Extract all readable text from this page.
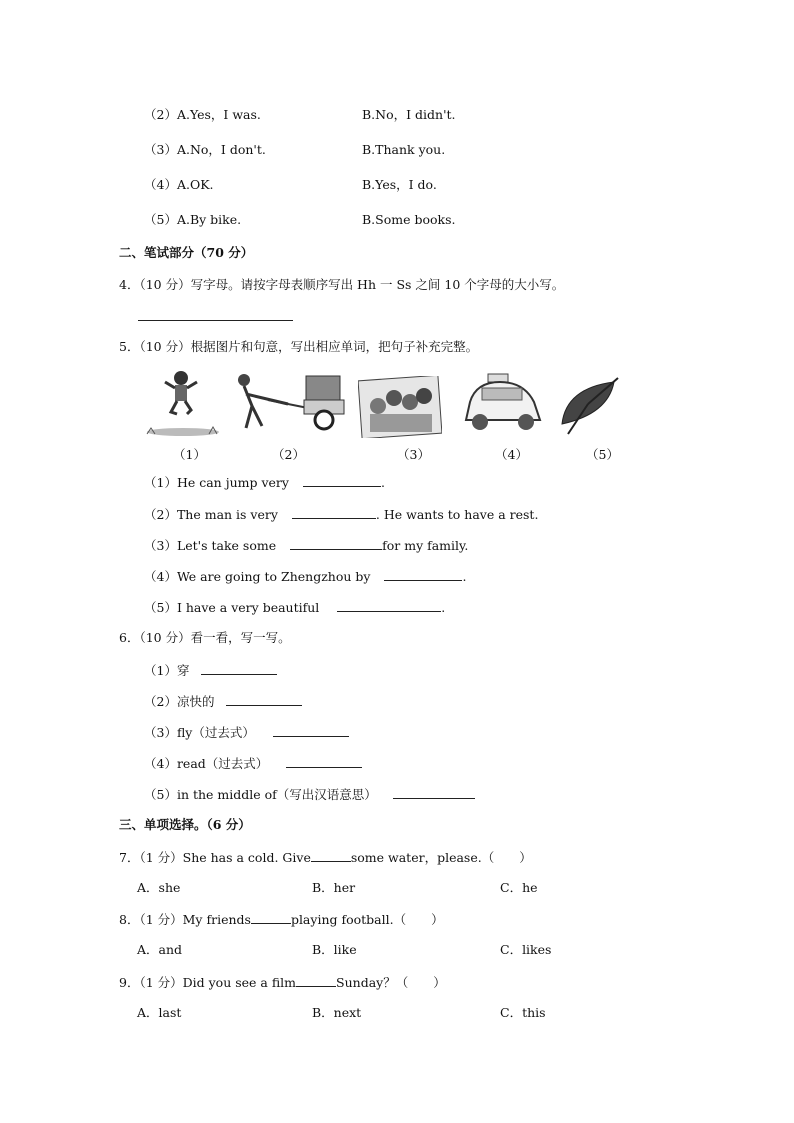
（2）A.Yes，I was.	B.No，I didn't.
（3）A.No，I don't.	B.Thank you.
（4）A.OK.	B.Yes，I do.
（5）A.By bike.	B.Some books.
二、笔试部分（70 分）
4．（10 分）写字母。请按字母表顺序写出 Hh 一 Ss 之间 10 个字母的大小写。
5．（10 分）根据图片和句意，写出相应单词，把句子补充完整。
（1）	（2）	（3）	（4）	（5）
（1）He can jump very	.
（2）The man is very	. He wants to have a rest.
（3）Let's take some	for my family.
（4）We are going to Zhengzhou by	.
（5）I have a very beautiful	.
6．（10 分）看一看，写一写。
（1）穿
（2）凉快的
（3）fly（过去式）
（4）read（过去式）
（5）in the middle of（写出汉语意思）
三、单项选择。（6 分）
7．（1 分）She has a cold. Give	some water，please.（　　）
A．she	B．her	C．he
8．（1 分）My friends	playing football.（　　）
A．and	B．like	C．likes
9．（1 分）Did you see a film	Sunday？（　　）
A．last	B．next	C．this
